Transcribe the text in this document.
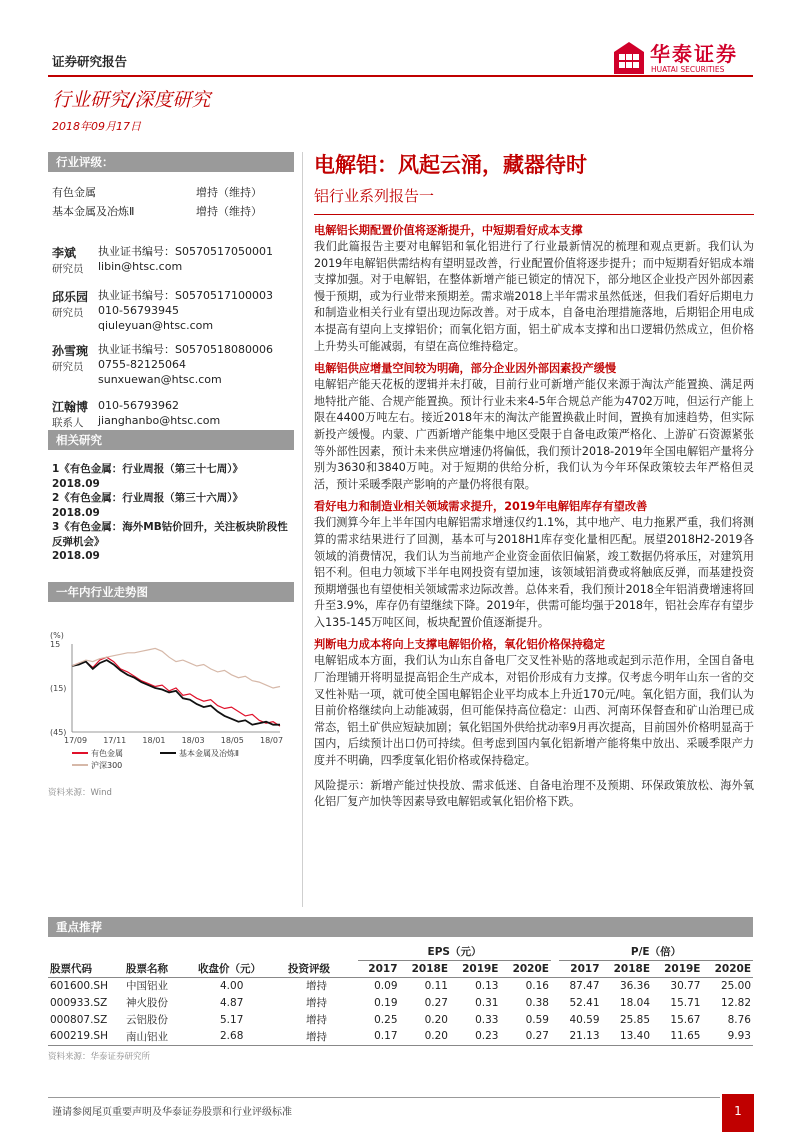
证券研究报告	华泰证券
HUATAI SECURITIES
行业研究/深度研究
2018年09月17日
行业评级：
有色金属	增持（维持）
基本金属及冶炼Ⅱ	增持（维持）
李斌
研究员
执业证书编号：S0570517050001
libin@htsc.com
邱乐园
研究员
执业证书编号：S0570517100003
010-56793945
qiuleyuan@htsc.com
孙雪琬
研究员
执业证书编号：S0570518080006
0755-82125064
sunxuewan@htsc.com
江翰博
联系人
010-56793962
jianghanbo@htsc.com
相关研究
1《有色金属：行业周报（第三十七周）》
2018.09
2《有色金属：行业周报（第三十六周）》
2018.09
3《有色金属：海外MB钴价回升，关注板块阶段性反弹机会》
2018.09
一年内行业走势图
(%)
15
(15)
(45)
17/09 17/11 18/01 18/03 18/05 18/07
有色金属	基本金属及冶炼Ⅱ
沪深300
资料来源：Wind
电解铝：风起云涌，藏器待时
铝行业系列报告一
电解铝长期配置价值将逐渐提升，中短期看好成本支撑
我们此篇报告主要对电解铝和氧化铝进行了行业最新情况的梳理和观点更新。我们认为2019年电解铝供需结构有望明显改善，行业配置价值将逐步提升；而中短期看好铝成本端支撑加强。对于电解铝，在整体新增产能已锁定的情况下，部分地区企业投产因外部因素慢于预期，或为行业带来预期差。需求端2018上半年需求虽然低迷，但我们看好后期电力和制造业相关行业有望出现边际改善。对于成本，自备电治理措施落地，后期铝企用电成本提高有望向上支撑铝价；而氧化铝方面，铝土矿成本支撑和出口逻辑仍然成立，但价格上升势头可能减弱，有望在高位维持稳定。
电解铝供应增量空间较为明确，部分企业因外部因素投产缓慢
电解铝产能天花板的逻辑并未打破，目前行业可新增产能仅来源于淘汰产能置换、满足两地特批产能、合规产能置换。预计行业未来4-5年合规总产能为4702万吨，但运行产能上限在4400万吨左右。接近2018年末的淘汰产能置换截止时间，置换有加速趋势，但实际新投产缓慢。内蒙、广西新增产能集中地区受限于自备电政策严格化、上游矿石资源紧张等外部性因素，预计未来供应增速仍将偏低，我们预计2018-2019年全国电解铝产量将分别为3630和3840万吨。对于短期的供给分析，我们认为今年环保政策较去年严格但灵活，预计采暖季限产影响的产量仍将很有限。
看好电力和制造业相关领域需求提升，2019年电解铝库存有望改善
我们测算今年上半年国内电解铝需求增速仅约1.1%，其中地产、电力拖累严重，我们将测算的需求结果进行了回测，基本可与2018H1库存变化量相匹配。展望2018H2-2019各领域的消费情况，我们认为当前地产企业资金面依旧偏紧，竣工数据仍将承压，对建筑用铝不利。但电力领域下半年电网投资有望加速，该领域铝消费或将触底反弹，而基建投资预期增强也有望使相关领域需求边际改善。总体来看，我们预计2018全年铝消费增速将回升至3.9%，库存仍有望继续下降。2019年，供需可能均强于2018年，铝社会库存有望步入135-145万吨区间，板块配置价值逐渐提升。
判断电力成本将向上支撑电解铝价格，氧化铝价格保持稳定
电解铝成本方面，我们认为山东自备电厂交叉性补贴的落地或起到示范作用，全国自备电厂治理铺开将明显提高铝企生产成本，对铝价形成有力支撑。仅考虑今明年山东一省的交叉性补贴一项，就可使全国电解铝企业平均成本上升近170元/吨。氧化铝方面，我们认为目前价格继续向上动能减弱，但可能保持高位稳定：山西、河南环保督查和矿山治理已成常态，铝土矿供应短缺加剧；氧化铝国外供给扰动率9月再次提高，目前国外价格明显高于国内，后续预计出口仍可持续。但考虑到国内氧化铝新增产能将集中放出、采暖季限产力度并不明确，四季度氧化铝价格或保持稳定。
风险提示：新增产能过快投放、需求低迷、自备电治理不及预期、环保政策放松、海外氧化铝厂复产加快等因素导致电解铝或氧化铝价格下跌。
重点推荐
				EPS（元）					P/E（倍）			
股票代码	股票名称	收盘价（元）	投资评级	2017	2018E	2019E	2020E		2017	2018E	2019E	2020E
601600.SH	中国铝业	4.00	增持	0.09	0.11	0.13	0.16		87.47	36.36	30.77	25.00
000933.SZ	神火股份	4.87	增持	0.19	0.27	0.31	0.38		52.41	18.04	15.71	12.82
000807.SZ	云铝股份	5.17	增持	0.25	0.20	0.33	0.59		40.59	25.85	15.67	8.76
600219.SH	南山铝业	2.68	增持	0.17	0.20	0.23	0.27		21.13	13.40	11.65	9.93
资料来源：华泰证券研究所
谨请参阅尾页重要声明及华泰证券股票和行业评级标准	1
